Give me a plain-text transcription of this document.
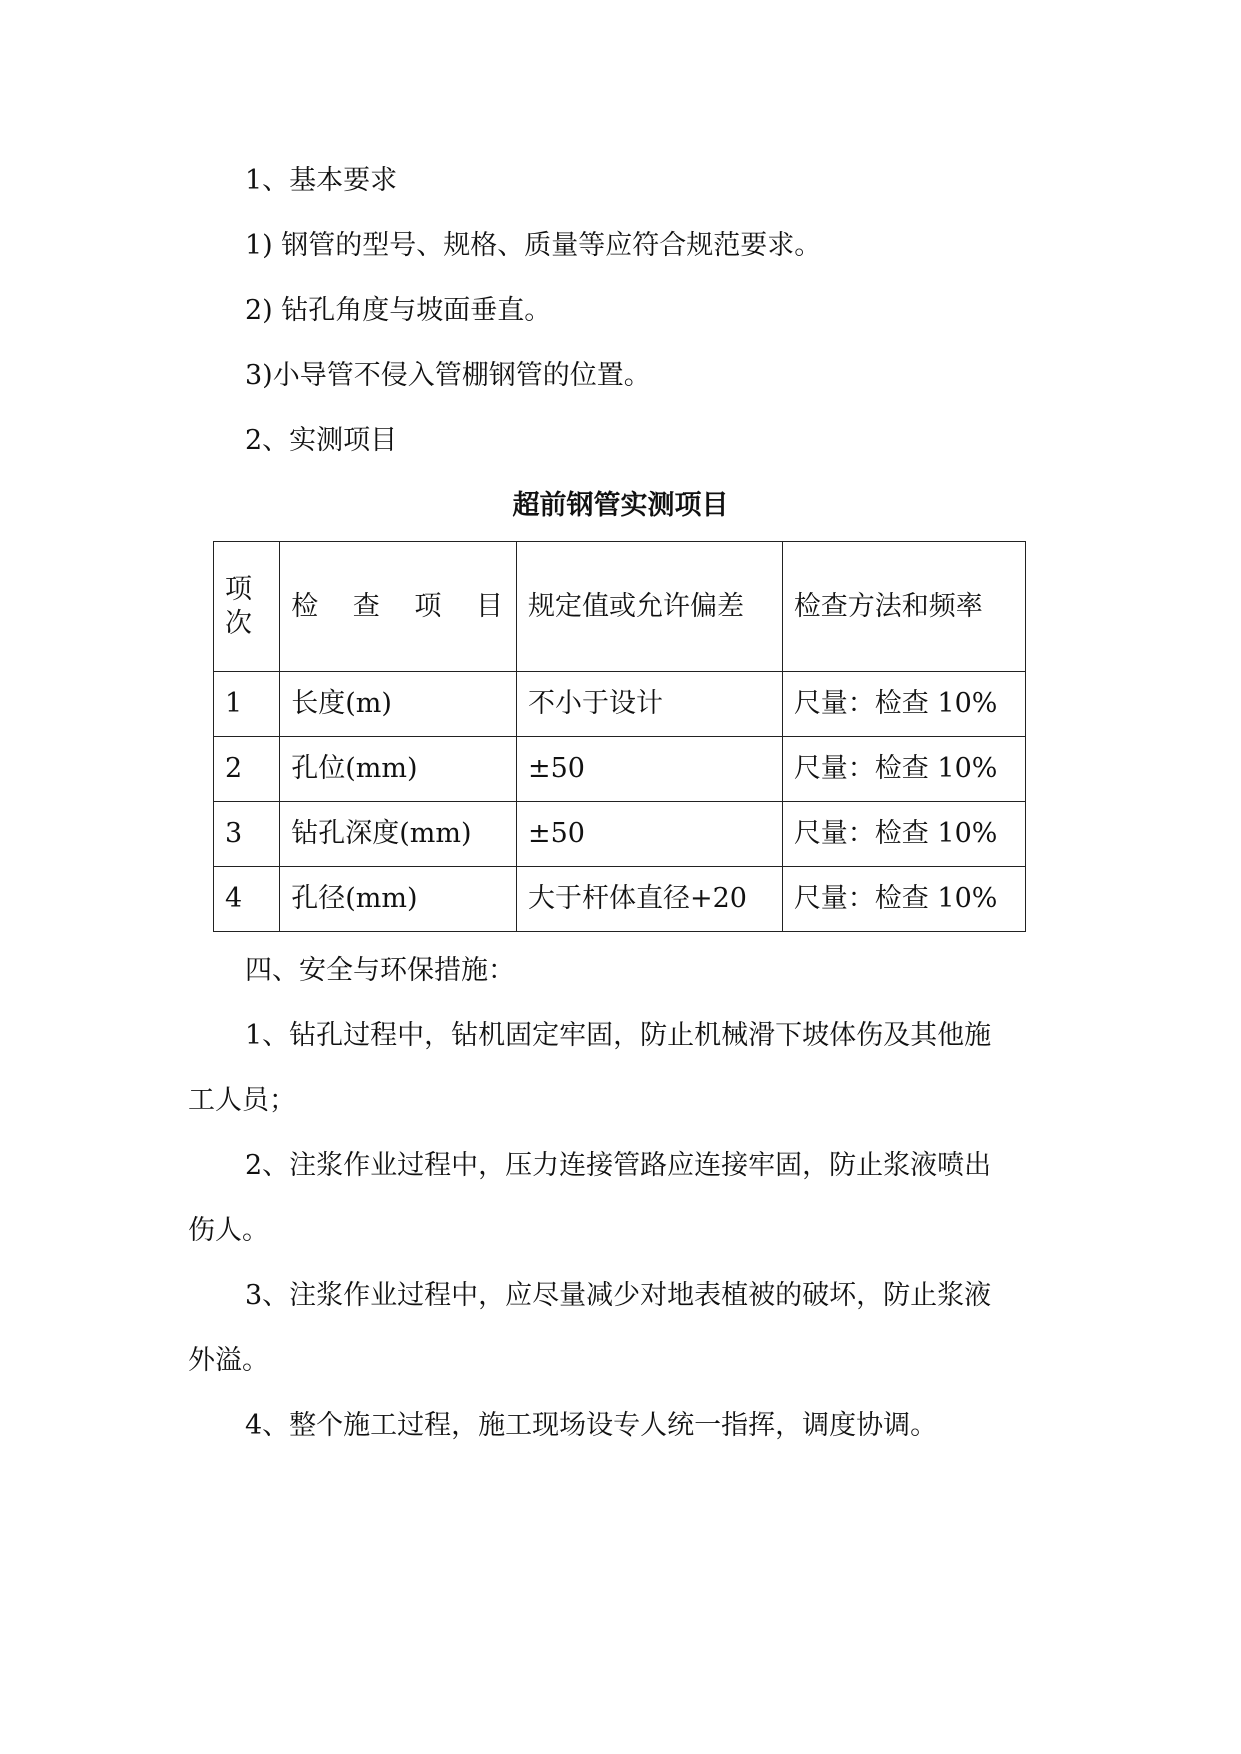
1、基本要求
1) 钢管的型号、规格、质量等应符合规范要求。
2) 钻孔角度与坡面垂直。
3)小导管不侵入管棚钢管的位置。
2、实测项目
超前钢管实测项目
项
次	检 查 项 目	规定值或允许偏差	检查方法和频率
1	长度(m)	不小于设计	尺量：检查 10%
2	孔位(mm)	±50	尺量：检查 10%
3	钻孔深度(mm)	±50	尺量：检查 10%
4	孔径(mm)	大于杆体直径+20	尺量：检查 10%
四、安全与环保措施：
1、钻孔过程中，钻机固定牢固，防止机械滑下坡体伤及其他施
工人员；
2、注浆作业过程中，压力连接管路应连接牢固，防止浆液喷出
伤人。
3、注浆作业过程中，应尽量减少对地表植被的破坏，防止浆液
外溢。
4、整个施工过程，施工现场设专人统一指挥，调度协调。
